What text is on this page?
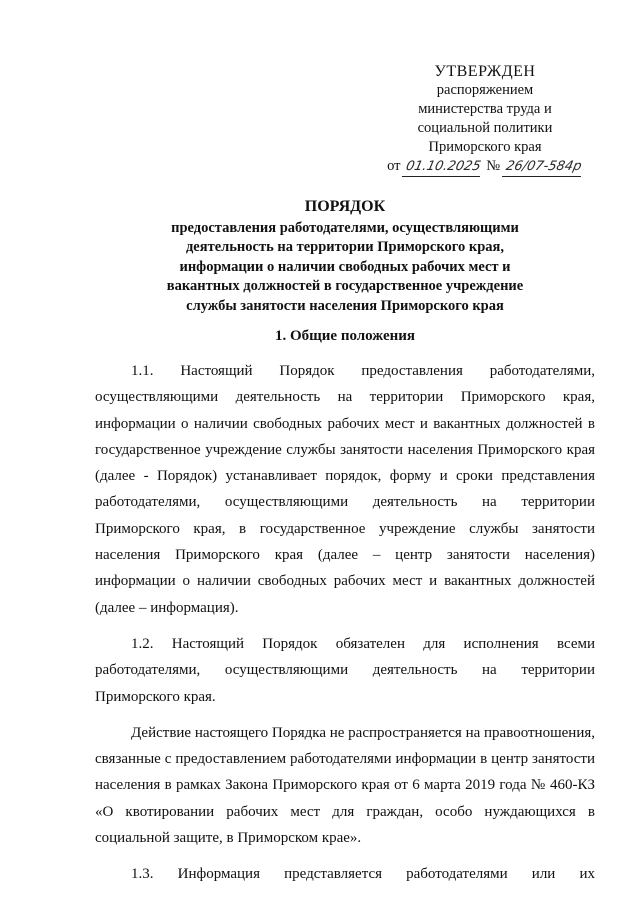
УТВЕРЖДЕН
распоряжением
министерства труда и
социальной политики
Приморского края
от 01.10.2025 № 26/07-584р
ПОРЯДОК
предоставления работодателями, осуществляющими
деятельность на территории Приморского края,
информации о наличии свободных рабочих мест и
вакантных должностей в государственное учреждение
службы занятости населения Приморского края
1. Общие положения

1.1. Настоящий Порядок предоставления работодателями, осуществляющими деятельность на территории Приморского края, информации о наличии свободных рабочих мест и вакантных должностей в государственное учреждение службы занятости населения Приморского края (далее - Порядок) устанавливает порядок, форму и сроки представления работодателями, осуществляющими деятельность на территории Приморского края, в государственное учреждение службы занятости населения Приморского края (далее – центр занятости населения) информации о наличии свободных рабочих мест и вакантных должностей (далее – информация).

1.2. Настоящий Порядок обязателен для исполнения всеми работодателями, осуществляющими деятельность на территории Приморского края.

Действие настоящего Порядка не распространяется на правоотношения, связанные с предоставлением работодателями информации в центр занятости населения в рамках Закона Приморского края от 6 марта 2019 года № 460-КЗ «О квотировании рабочих мест для граждан, особо нуждающихся в социальной защите, в Приморском крае».

1.3. Информация представляется работодателями или их
